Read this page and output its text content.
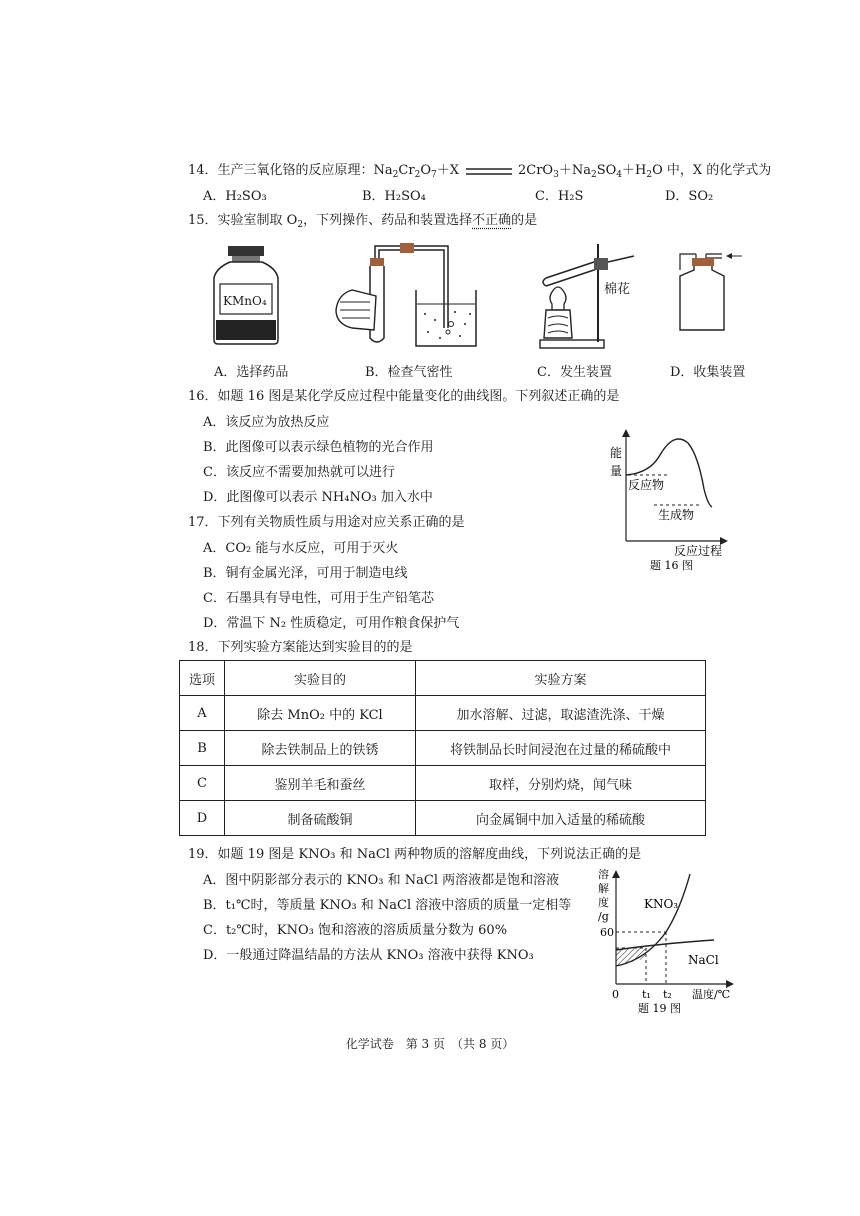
14．生产三氧化铬的反应原理：$Na_2Cr_2O_7+X$	$2CrO_3+Na_2SO_4+H_2O$ 中，X 的化学式为
A．H₂SO₃	B．H₂SO₄	C．H₂S	D．SO₂
15．实验室制取 $O_2$，下列操作、药品和装置选择不正确的是
KMnO₄
棉花
A．选择药品	B．检查气密性	C．发生装置	D．收集装置
16．如题 16 图是某化学反应过程中能量变化的曲线图。下列叙述正确的是
A．该反应为放热反应
B．此图像可以表示绿色植物的光合作用
C．该反应不需要加热就可以进行
D．此图像可以表示 NH₄NO₃ 加入水中
能
量
反应物
生成物
反应过程
题 16 图
17．下列有关物质性质与用途对应关系正确的是
A．CO₂ 能与水反应，可用于灭火
B．铜有金属光泽，可用于制造电线
C．石墨具有导电性，可用于生产铅笔芯
D．常温下 N₂ 性质稳定，可用作粮食保护气
18．下列实验方案能达到实验目的的是
选项	实验目的	实验方案
A	除去 MnO₂ 中的 KCl	加水溶解、过滤，取滤渣洗涤、干燥
B	除去铁制品上的铁锈	将铁制品长时间浸泡在过量的稀硫酸中
C	鉴别羊毛和蚕丝	取样，分别灼烧，闻气味
D	制备硫酸铜	向金属铜中加入适量的稀硫酸
19．如题 19 图是 KNO₃ 和 NaCl 两种物质的溶解度曲线，下列说法正确的是
A．图中阴影部分表示的 KNO₃ 和 NaCl 两溶液都是饱和溶液
B．t₁℃时，等质量 KNO₃ 和 NaCl 溶液中溶质的质量一定相等
C．t₂℃时，KNO₃ 饱和溶液的溶质质量分数为 60%
D．一般通过降温结晶的方法从 KNO₃ 溶液中获得 KNO₃
溶
解
度
/g
60
KNO₃
NaCl
0 t₁ t₂ 温度/℃
题 19 图
化学试卷　第 3 页　（共 8 页）
